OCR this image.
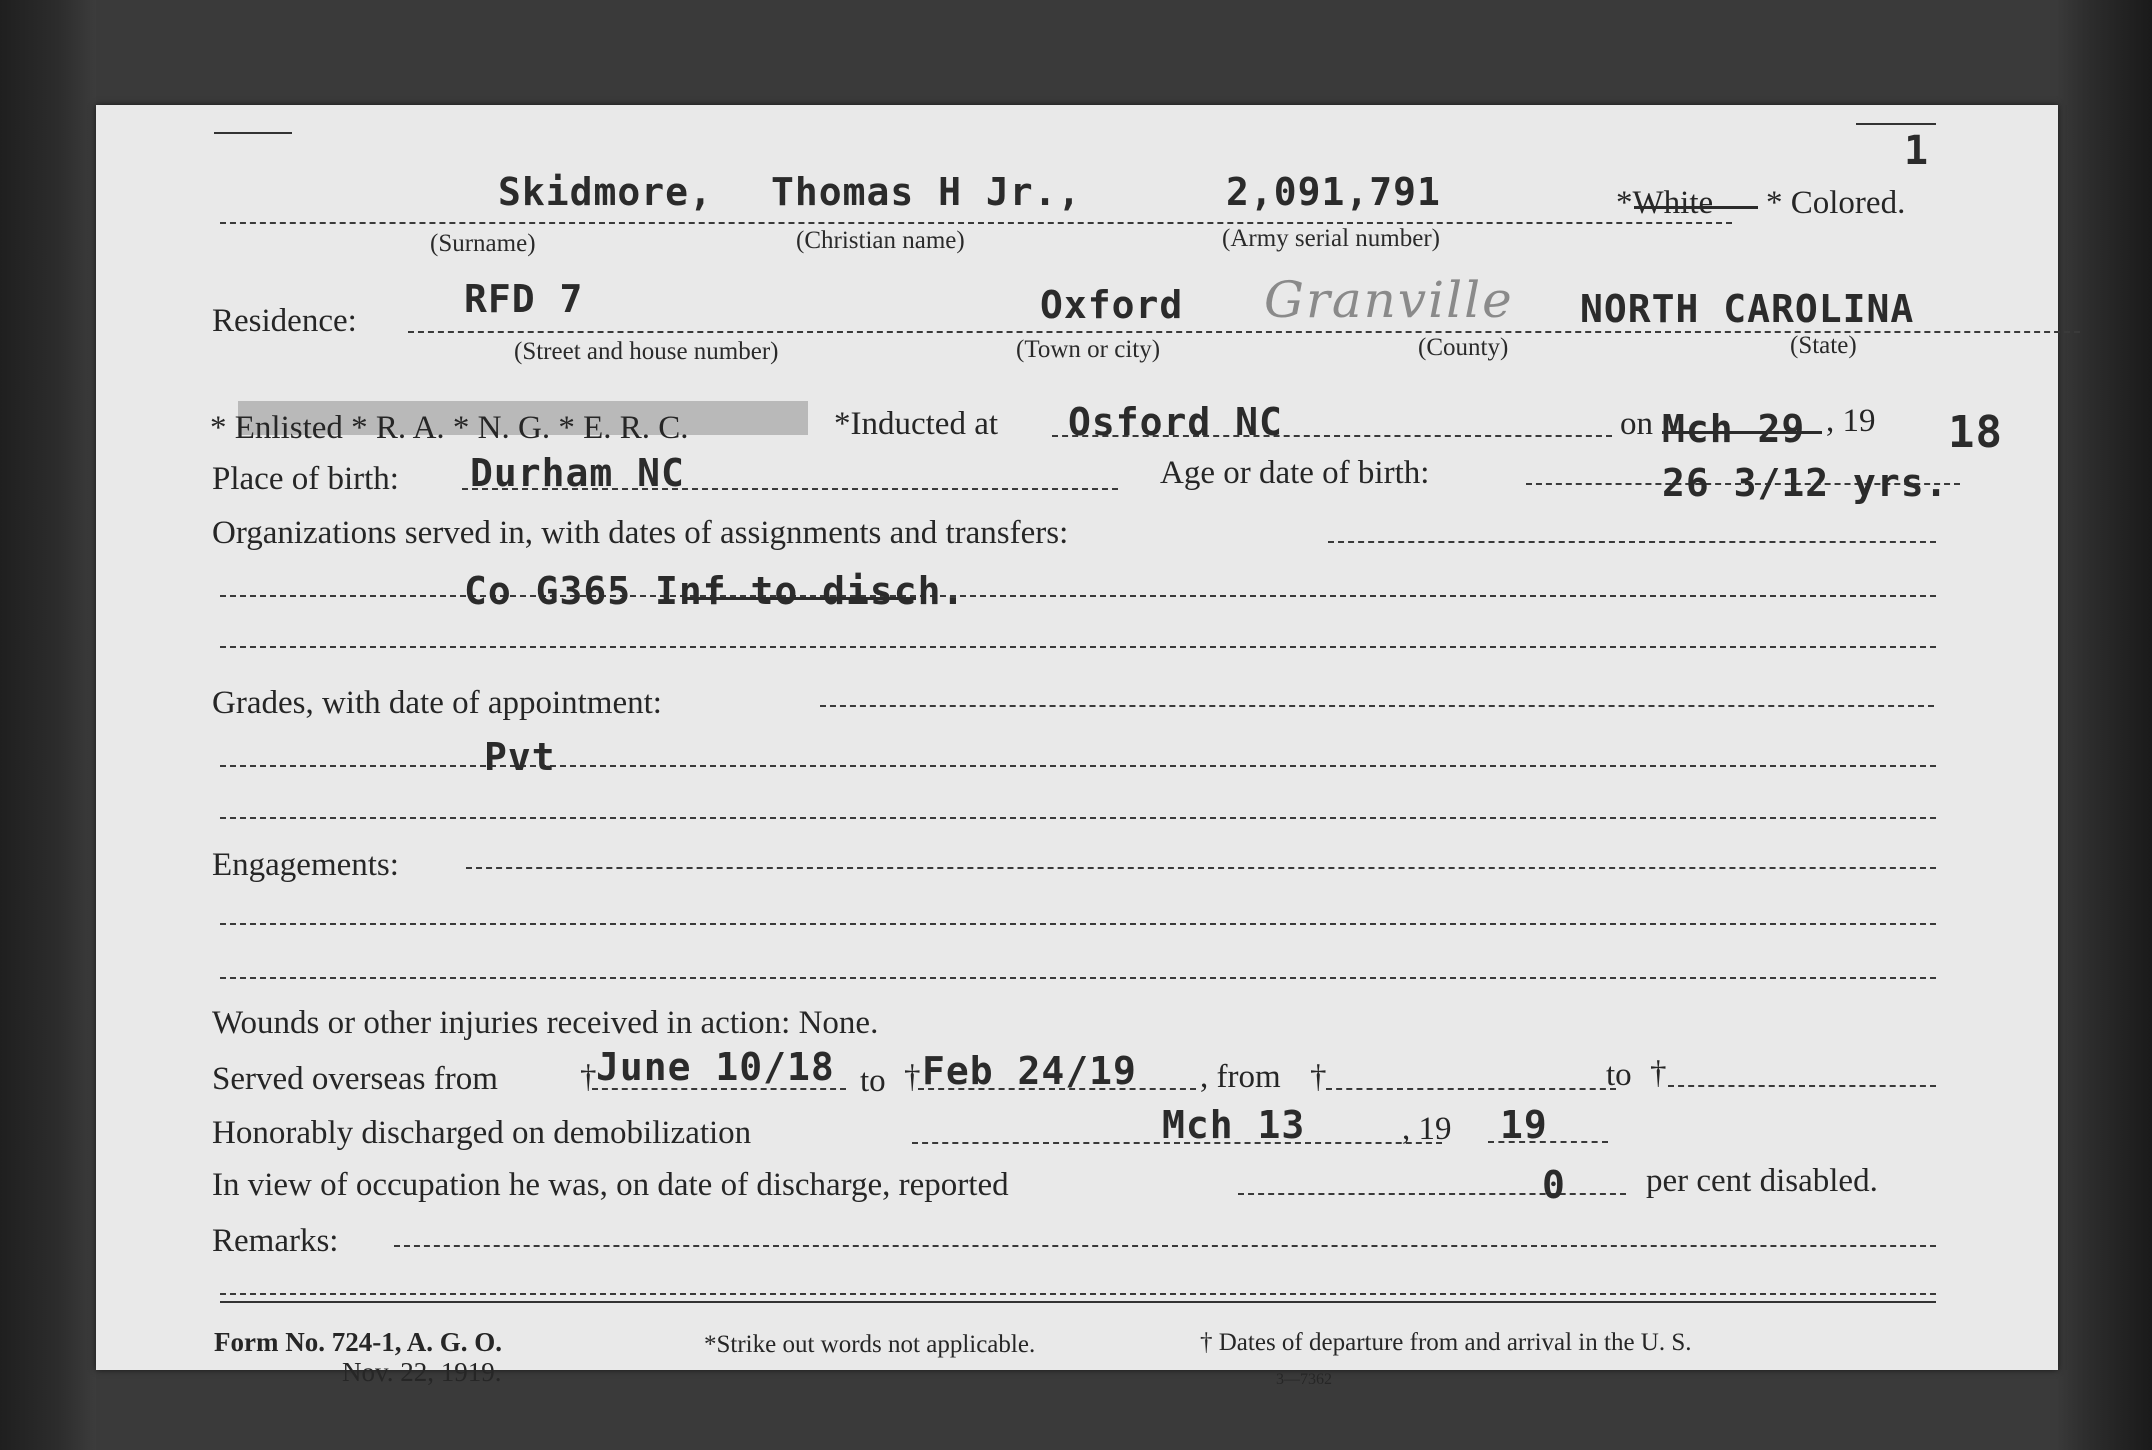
1
Skidmore, Thomas H Jr.,	2,091,791	*White * Colored.
(Surname)	(Christian name)	(Army serial number)
Residence:	RFD 7	Oxford Granville NORTH CAROLINA
(Street and house number)	(Town or city)	(County)	(State)
* Enlisted * R. A. * N. G. * E. R. C.	*Inducted at Osford NC	on Mch 29 , 19 18
Place of birth: Durham NC	Age or date of birth:	26 3/12 yrs.
Organizations served in, with dates of assignments and transfers:
Co G365 Inf to disch.
Grades, with date of appointment:
Pvt
Engagements:
Wounds or other injuries received in action: None.
Served overseas from † June 10/18 to † Feb 24/19 , from †	to †
Honorably discharged on demobilization	Mch 13	, 19 19
In view of occupation he was, on date of discharge, reported	0 per cent disabled.
Remarks:
Form No. 724-1, A. G. O.
Nov. 22, 1919.
*Strike out words not applicable.	† Dates of departure from and arrival in the U. S.
3—7362
